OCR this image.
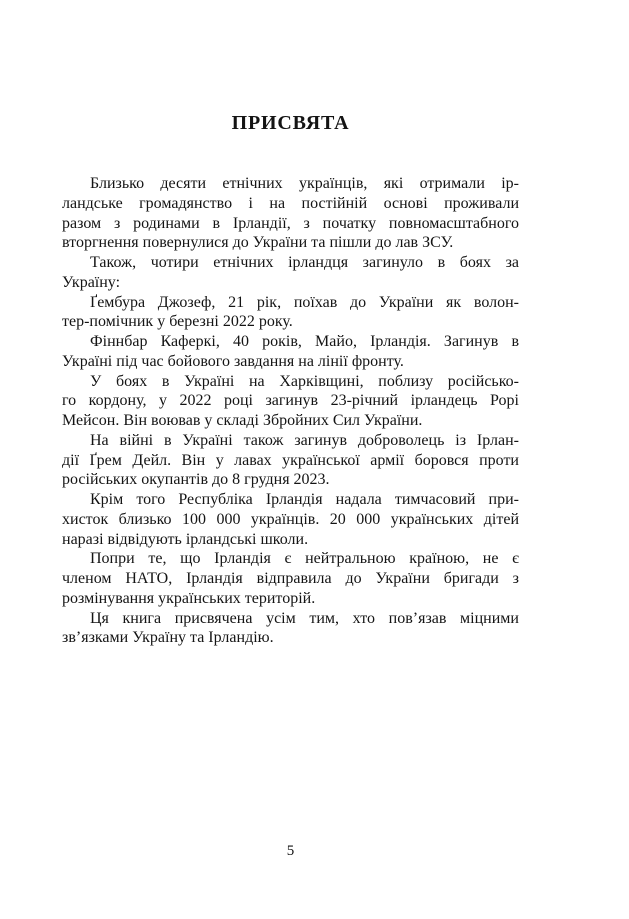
ПРИСВЯТА

Близько десяти етнічних українців, які отримали ір-
ландське громадянство і на постійній основі проживали
разом з родинами в Ірландії, з початку повномасштабного
вторгнення повернулися до України та пішли до лав ЗСУ.

Також, чотири етнічних ірландця загинуло в боях за
Україну:

Ґембура Джозеф, 21 рік, поїхав до України як волон-
тер-помічник у березні 2022 року.

Фіннбар Каферкі, 40 років, Майо, Ірландія. Загинув в
Україні під час бойового завдання на лінії фронту.

У боях в Україні на Харківщині, поблизу російсько-
го кордону, у 2022 році загинув 23-річний ірландець Рорі
Мейсон. Він воював у складі Збройних Сил України.

На війні в Україні також загинув доброволець із Ірлан-
дії Ґрем Дейл. Він у лавах української армії боровся проти
російських окупантів до 8 грудня 2023.

Крім того Республіка Ірландія надала тимчасовий при-
хисток близько 100 000 українців. 20 000 українських дітей
наразі відвідують ірландські школи.

Попри те, що Ірландія є нейтральною країною, не є
членом НАТО, Ірландія відправила до України бригади з
розмінування українських територій.

Ця книга присвячена усім тим, хто пов’язав міцними
зв’язками Україну та Ірландію.

5
